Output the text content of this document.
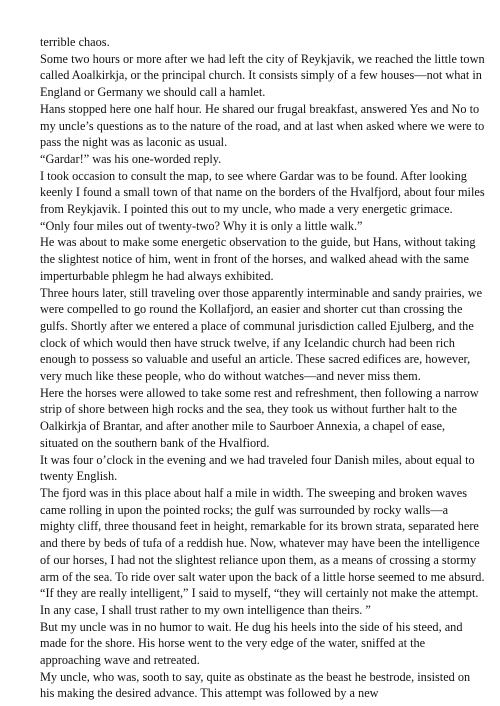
terrible chaos.

Some two hours or more after we had left the city of Reykjavik, we reached the little town called Aoalkirkja, or the principal church. It consists simply of a few houses—not what in England or Germany we should call a hamlet.

Hans stopped here one half hour. He shared our frugal breakfast, answered Yes and No to my uncle’s questions as to the nature of the road, and at last when asked where we were to pass the night was as laconic as usual.

“Gardar!” was his one-worded reply.

I took occasion to consult the map, to see where Gardar was to be found. After looking keenly I found a small town of that name on the borders of the Hvalfjord, about four miles from Reykjavik. I pointed this out to my uncle, who made a very energetic grimace.

“Only four miles out of twenty-two? Why it is only a little walk.”

He was about to make some energetic observation to the guide, but Hans, without taking the slightest notice of him, went in front of the horses, and walked ahead with the same imperturbable phlegm he had always exhibited.

Three hours later, still traveling over those apparently interminable and sandy prairies, we were compelled to go round the Kollafjord, an easier and shorter cut than crossing the gulfs. Shortly after we entered a place of communal jurisdiction called Ejulberg, and the clock of which would then have struck twelve, if any Icelandic church had been rich enough to possess so valuable and useful an article. These sacred edifices are, however, very much like these people, who do without watches—and never miss them.

Here the horses were allowed to take some rest and refreshment, then following a narrow strip of shore between high rocks and the sea, they took us without further halt to the Oalkirkja of Brantar, and after another mile to Saurboer Annexia, a chapel of ease, situated on the southern bank of the Hvalfiord.

It was four o’clock in the evening and we had traveled four Danish miles, about equal to twenty English.

The fjord was in this place about half a mile in width. The sweeping and broken waves came rolling in upon the pointed rocks; the gulf was surrounded by rocky walls—a mighty cliff, three thousand feet in height, remarkable for its brown strata, separated here and there by beds of tufa of a reddish hue. Now, whatever may have been the intelligence of our horses, I had not the slightest reliance upon them, as a means of crossing a stormy arm of the sea. To ride over salt water upon the back of a little horse seemed to me absurd.

“If they are really intelligent,” I said to myself, “they will certainly not make the attempt. In any case, I shall trust rather to my own intelligence than theirs. ”

But my uncle was in no humor to wait. He dug his heels into the side of his steed, and made for the shore. His horse went to the very edge of the water, sniffed at the approaching wave and retreated.

My uncle, who was, sooth to say, quite as obstinate as the beast he bestrode, insisted on his making the desired advance. This attempt was followed by a new
